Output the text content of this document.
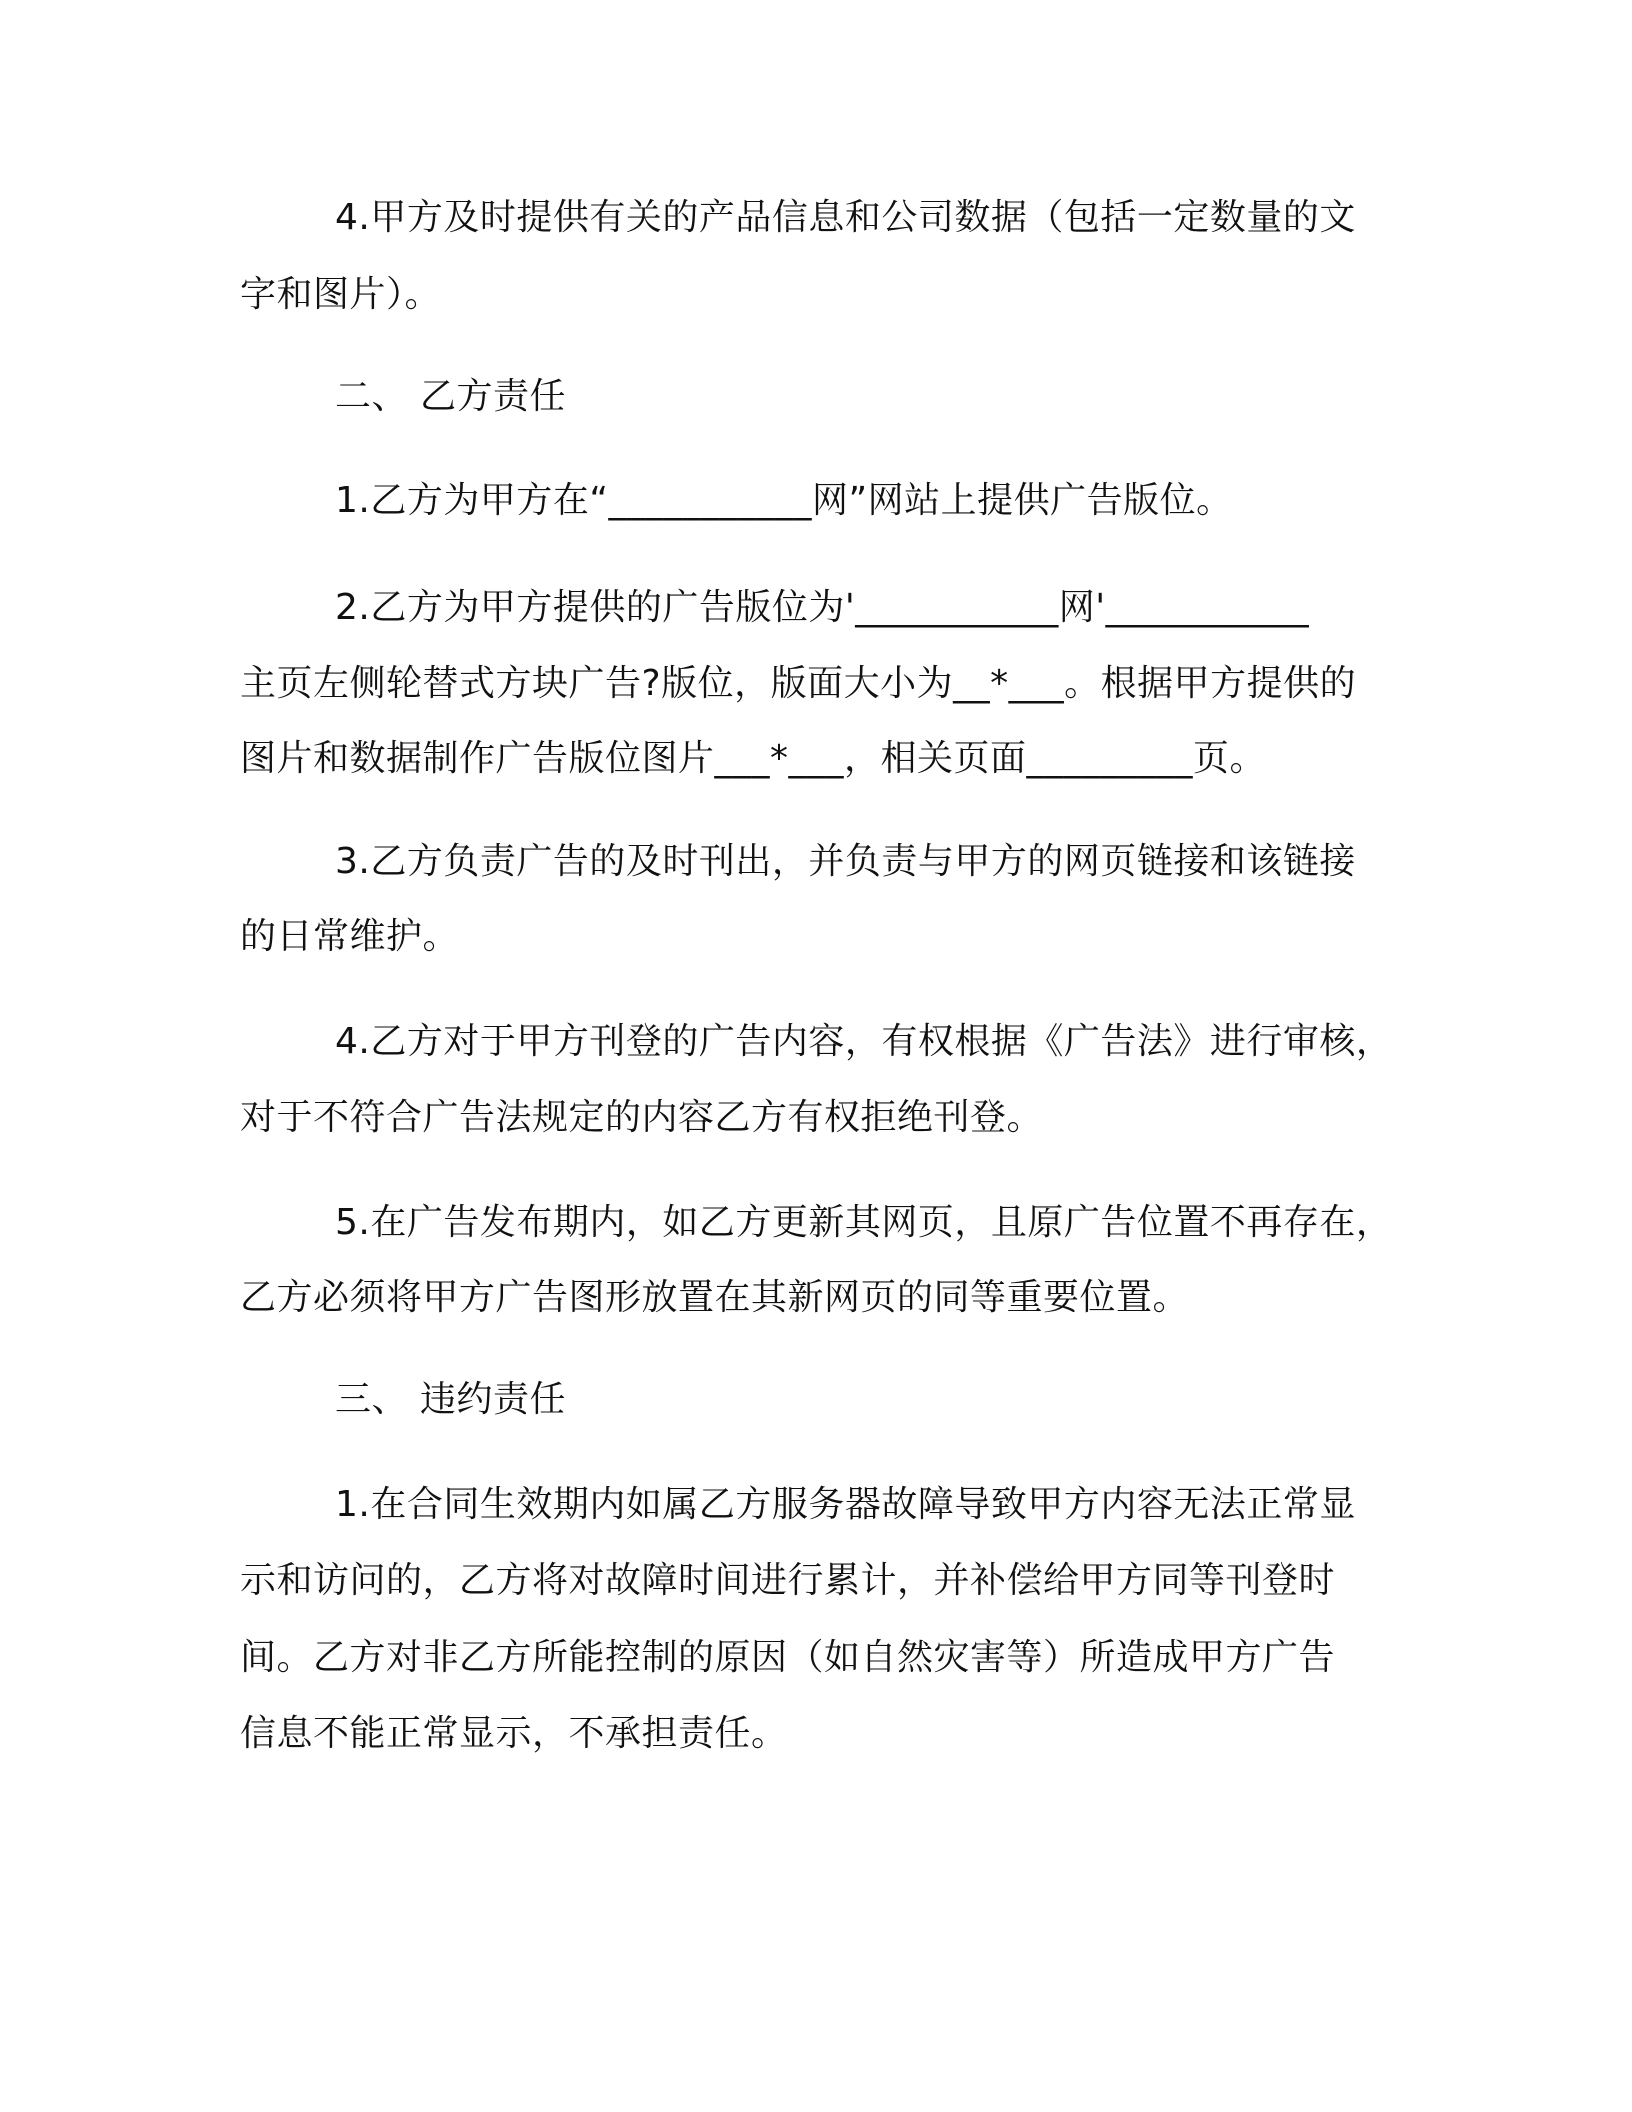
4.甲方及时提供有关的产品信息和公司数据（包括一定数量的文
字和图片）。
二、 乙方责任
1.乙方为甲方在“___________网”网站上提供广告版位。
2.乙方为甲方提供的广告版位为'___________网'___________
主页左侧轮替式方块广告?版位，版面大小为__*___。根据甲方提供的
图片和数据制作广告版位图片___*___，相关页面_________页。
3.乙方负责广告的及时刊出，并负责与甲方的网页链接和该链接
的日常维护。
4.乙方对于甲方刊登的广告内容，有权根据《广告法》进行审核，
对于不符合广告法规定的内容乙方有权拒绝刊登。
5.在广告发布期内，如乙方更新其网页，且原广告位置不再存在，
乙方必须将甲方广告图形放置在其新网页的同等重要位置。
三、 违约责任
1.在合同生效期内如属乙方服务器故障导致甲方内容无法正常显
示和访问的，乙方将对故障时间进行累计，并补偿给甲方同等刊登时
间。乙方对非乙方所能控制的原因（如自然灾害等）所造成甲方广告
信息不能正常显示，不承担责任。
